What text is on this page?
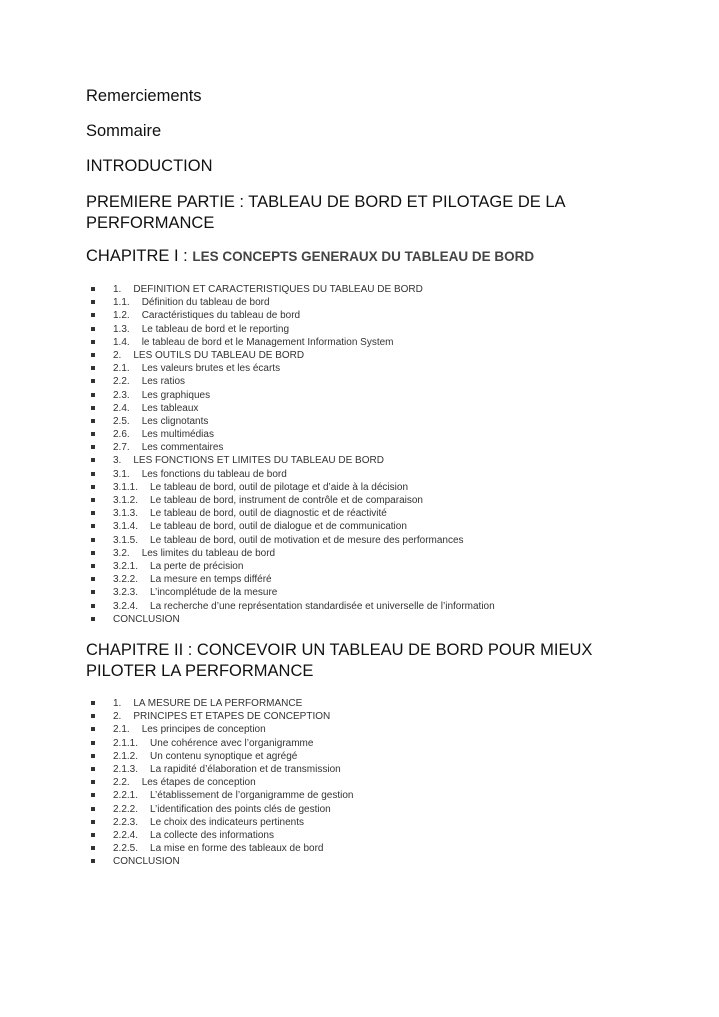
Remerciements
Sommaire
INTRODUCTION
PREMIERE PARTIE : TABLEAU DE BORD ET PILOTAGE DE LA PERFORMANCE
CHAPITRE I : LES CONCEPTS GENERAUX DU TABLEAU DE BORD
1. DEFINITION ET CARACTERISTIQUES DU TABLEAU DE BORD
1.1. Définition du tableau de bord
1.2. Caractéristiques du tableau de bord
1.3. Le tableau de bord et le reporting
1.4. le tableau de bord et le Management Information System
2. LES OUTILS DU TABLEAU DE BORD
2.1. Les valeurs brutes et les écarts
2.2. Les ratios
2.3. Les graphiques
2.4. Les tableaux
2.5. Les clignotants
2.6. Les multimédias
2.7. Les commentaires
3. LES FONCTIONS ET LIMITES DU TABLEAU DE BORD
3.1. Les fonctions du tableau de bord
3.1.1. Le tableau de bord, outil de pilotage et d’aide à la décision
3.1.2. Le tableau de bord, instrument de contrôle et de comparaison
3.1.3. Le tableau de bord, outil de diagnostic et de réactivité
3.1.4. Le tableau de bord, outil de dialogue et de communication
3.1.5. Le tableau de bord, outil de motivation et de mesure des performances
3.2. Les limites du tableau de bord
3.2.1. La perte de précision
3.2.2. La mesure en temps différé
3.2.3. L’incomplétude de la mesure
3.2.4. La recherche d’une représentation standardisée et universelle de l’information
CONCLUSION
CHAPITRE II : CONCEVOIR UN TABLEAU DE BORD POUR MIEUX PILOTER LA PERFORMANCE
1. LA MESURE DE LA PERFORMANCE
2. PRINCIPES ET ETAPES DE CONCEPTION
2.1. Les principes de conception
2.1.1. Une cohérence avec l’organigramme
2.1.2. Un contenu synoptique et agrégé
2.1.3. La rapidité d’élaboration et de transmission
2.2. Les étapes de conception
2.2.1. L’établissement de l’organigramme de gestion
2.2.2. L’identification des points clés de gestion
2.2.3. Le choix des indicateurs pertinents
2.2.4. La collecte des informations
2.2.5. La mise en forme des tableaux de bord
CONCLUSION
